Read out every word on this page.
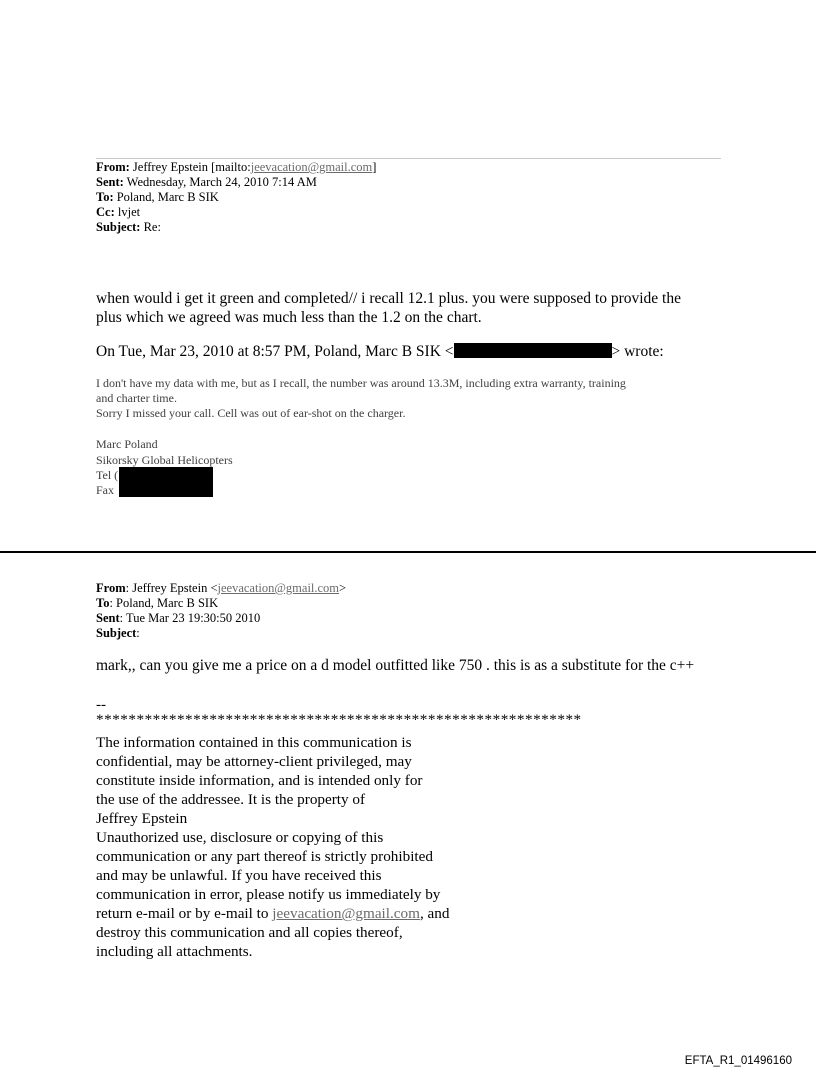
From: Jeffrey Epstein [mailto:jeevacation@gmail.com]
Sent: Wednesday, March 24, 2010 7:14 AM
To: Poland, Marc B SIK
Cc: lvjet
Subject: Re:
when would i get it green and completed// i recall 12.1 plus. you were supposed to provide the
plus which we agreed was much less than the 1.2 on the chart.
On Tue, Mar 23, 2010 at 8:57 PM, Poland, Marc B SIK <	> wrote:
I don't have my data with me, but as I recall, the number was around 13.3M, including extra warranty, training
and charter time.
Sorry I missed your call. Cell was out of ear-shot on the charger.
Marc Poland
Sikorsky Global Helicopters
Tel (
Fax
From: Jeffrey Epstein <jeevacation@gmail.com>
To: Poland, Marc B SIK
Sent: Tue Mar 23 19:30:50 2010
Subject:
mark,, can you give me a price on a d model outfitted like 750 . this is as a substitute for the c++
--
************************************************************
The information contained in this communication is
confidential, may be attorney-client privileged, may
constitute inside information, and is intended only for
the use of the addressee. It is the property of
Jeffrey Epstein
Unauthorized use, disclosure or copying of this
communication or any part thereof is strictly prohibited
and may be unlawful. If you have received this
communication in error, please notify us immediately by
return e-mail or by e-mail to jeevacation@gmail.com, and
destroy this communication and all copies thereof,
including all attachments.
EFTA_R1_01496160
